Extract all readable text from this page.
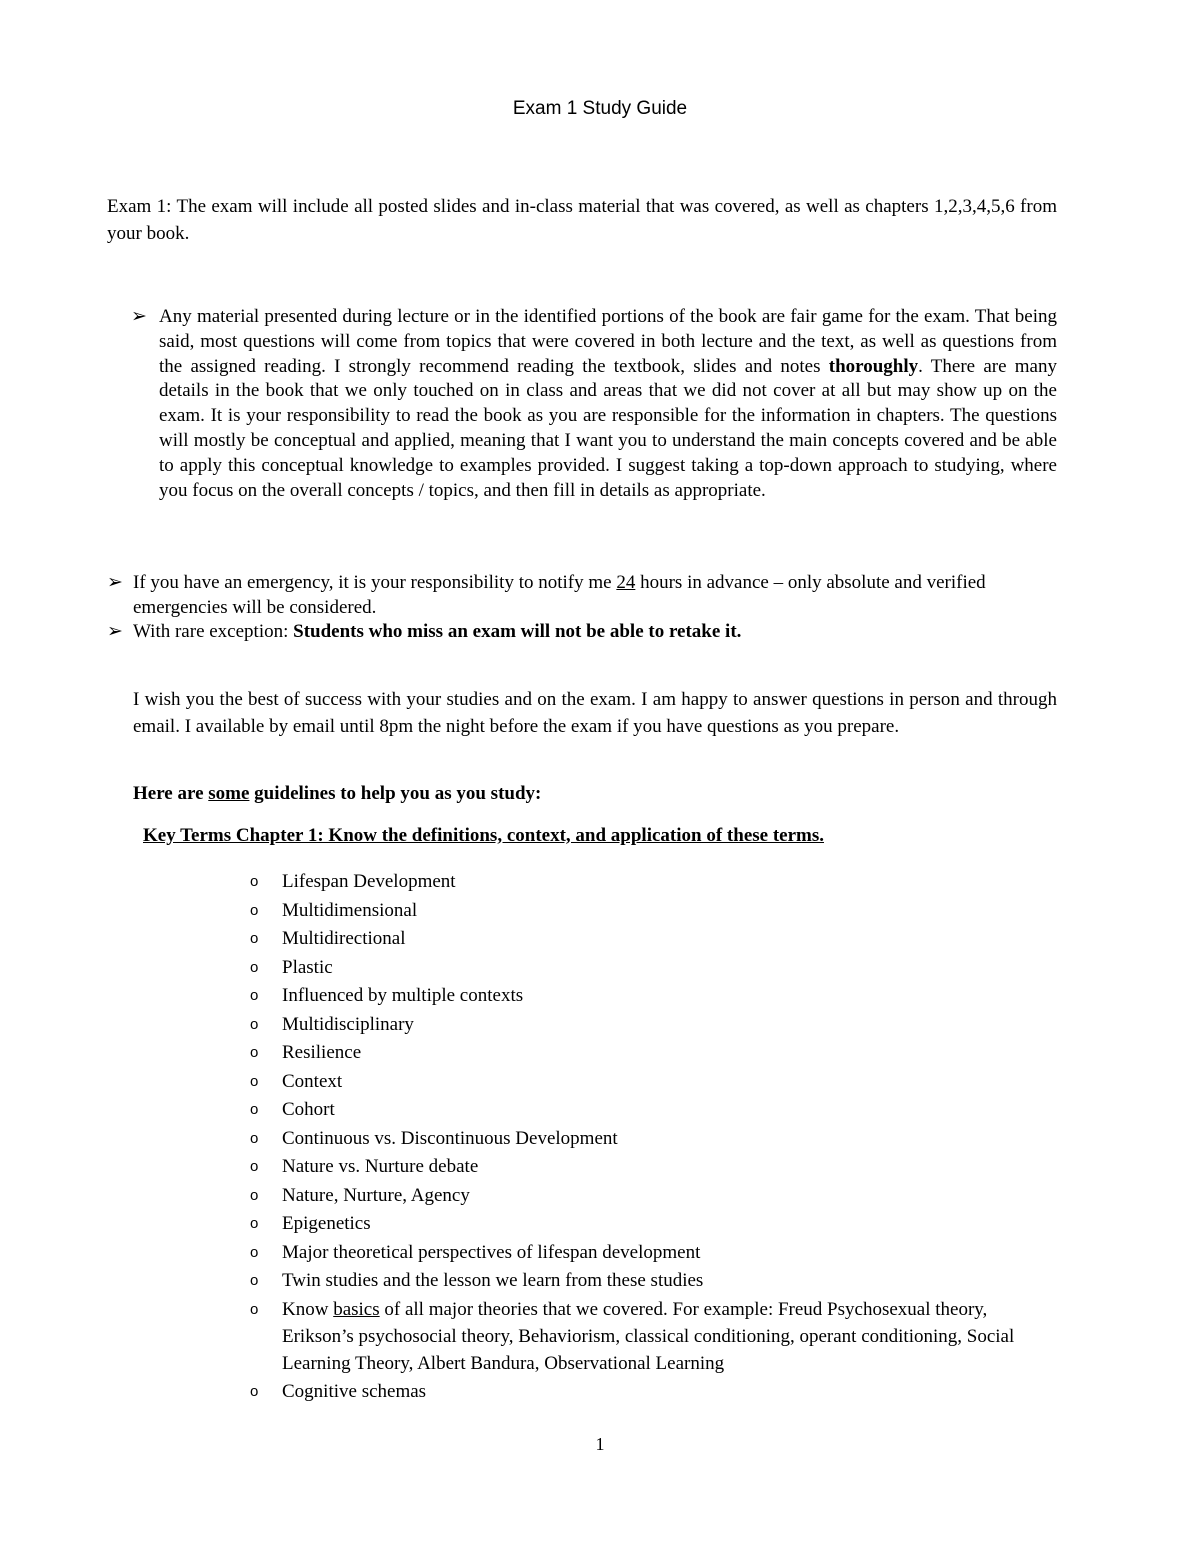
Exam 1 Study Guide
Exam 1: The exam will include all posted slides and in-class material that was covered, as well as chapters 1,2,3,4,5,6 from your book.
➢ Any material presented during lecture or in the identified portions of the book are fair game for the exam. That being said, most questions will come from topics that were covered in both lecture and the text, as well as questions from the assigned reading. I strongly recommend reading the textbook, slides and notes thoroughly. There are many details in the book that we only touched on in class and areas that we did not cover at all but may show up on the exam. It is your responsibility to read the book as you are responsible for the information in chapters. The questions will mostly be conceptual and applied, meaning that I want you to understand the main concepts covered and be able to apply this conceptual knowledge to examples provided. I suggest taking a top-down approach to studying, where you focus on the overall concepts / topics, and then fill in details as appropriate.
➢ If you have an emergency, it is your responsibility to notify me 24 hours in advance – only absolute and verified emergencies will be considered.
➢ With rare exception: Students who miss an exam will not be able to retake it.
I wish you the best of success with your studies and on the exam. I am happy to answer questions in person and through email. I available by email until 8pm the night before the exam if you have questions as you prepare.
Here are some guidelines to help you as you study:
Key Terms Chapter 1: Know the definitions, context, and application of these terms.
o Lifespan Development
o Multidimensional
o Multidirectional
o Plastic
o Influenced by multiple contexts
o Multidisciplinary
o Resilience
o Context
o Cohort
o Continuous vs. Discontinuous Development
o Nature vs. Nurture debate
o Nature, Nurture, Agency
o Epigenetics
o Major theoretical perspectives of lifespan development
o Twin studies and the lesson we learn from these studies
o Know basics of all major theories that we covered. For example: Freud Psychosexual theory, Erikson’s psychosocial theory, Behaviorism, classical conditioning, operant conditioning, Social Learning Theory, Albert Bandura, Observational Learning
o Cognitive schemas
1
